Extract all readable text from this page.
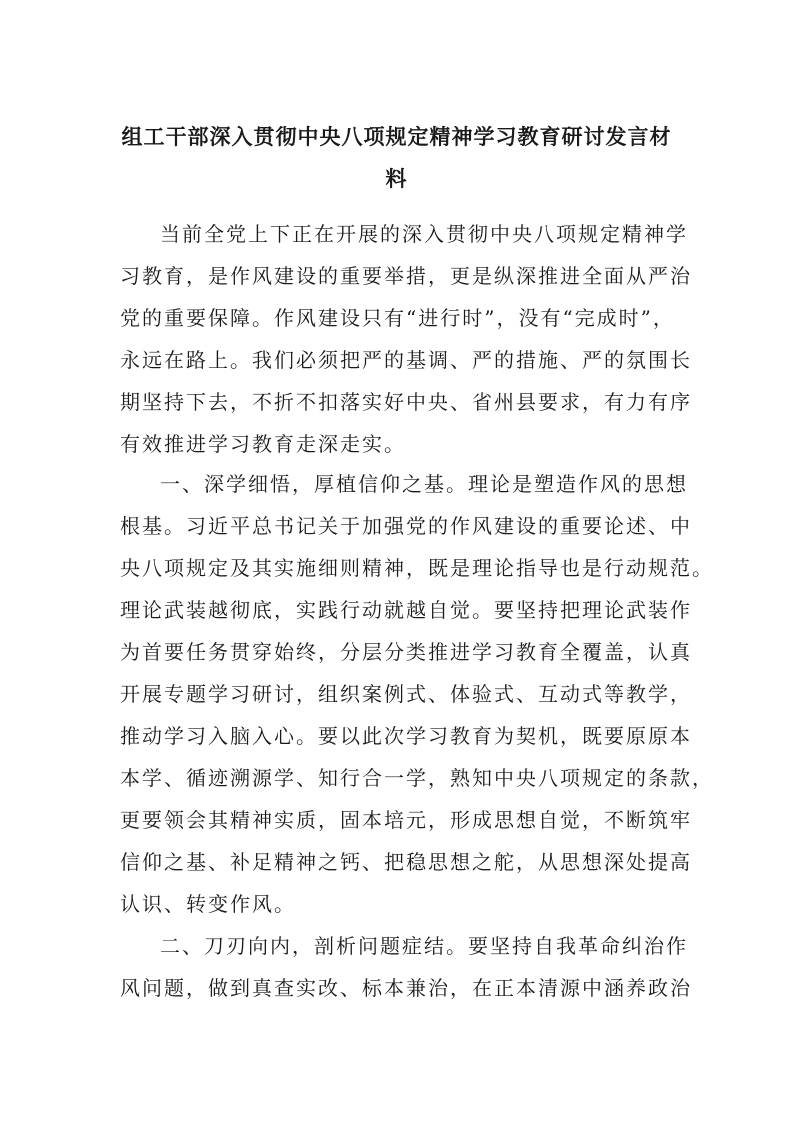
组工干部深入贯彻中央八项规定精神学习教育研讨发言材
料

当前全党上下正在开展的深入贯彻中央八项规定精神学

习教育，是作风建设的重要举措，更是纵深推进全面从严治

党的重要保障。作风建设只有“进行时”，没有“完成时”，

永远在路上。我们必须把严的基调、严的措施、严的氛围长

期坚持下去，不折不扣落实好中央、省州县要求，有力有序

有效推进学习教育走深走实。

一、深学细悟，厚植信仰之基。理论是塑造作风的思想

根基。习近平总书记关于加强党的作风建设的重要论述、中

央八项规定及其实施细则精神，既是理论指导也是行动规范。

理论武装越彻底，实践行动就越自觉。要坚持把理论武装作

为首要任务贯穿始终，分层分类推进学习教育全覆盖，认真

开展专题学习研讨，组织案例式、体验式、互动式等教学，

推动学习入脑入心。要以此次学习教育为契机，既要原原本

本学、循迹溯源学、知行合一学，熟知中央八项规定的条款，

更要领会其精神实质，固本培元，形成思想自觉，不断筑牢

信仰之基、补足精神之钙、把稳思想之舵，从思想深处提高

认识、转变作风。

二、刀刃向内，剖析问题症结。要坚持自我革命纠治作

风问题，做到真查实改、标本兼治，在正本清源中涵养政治
